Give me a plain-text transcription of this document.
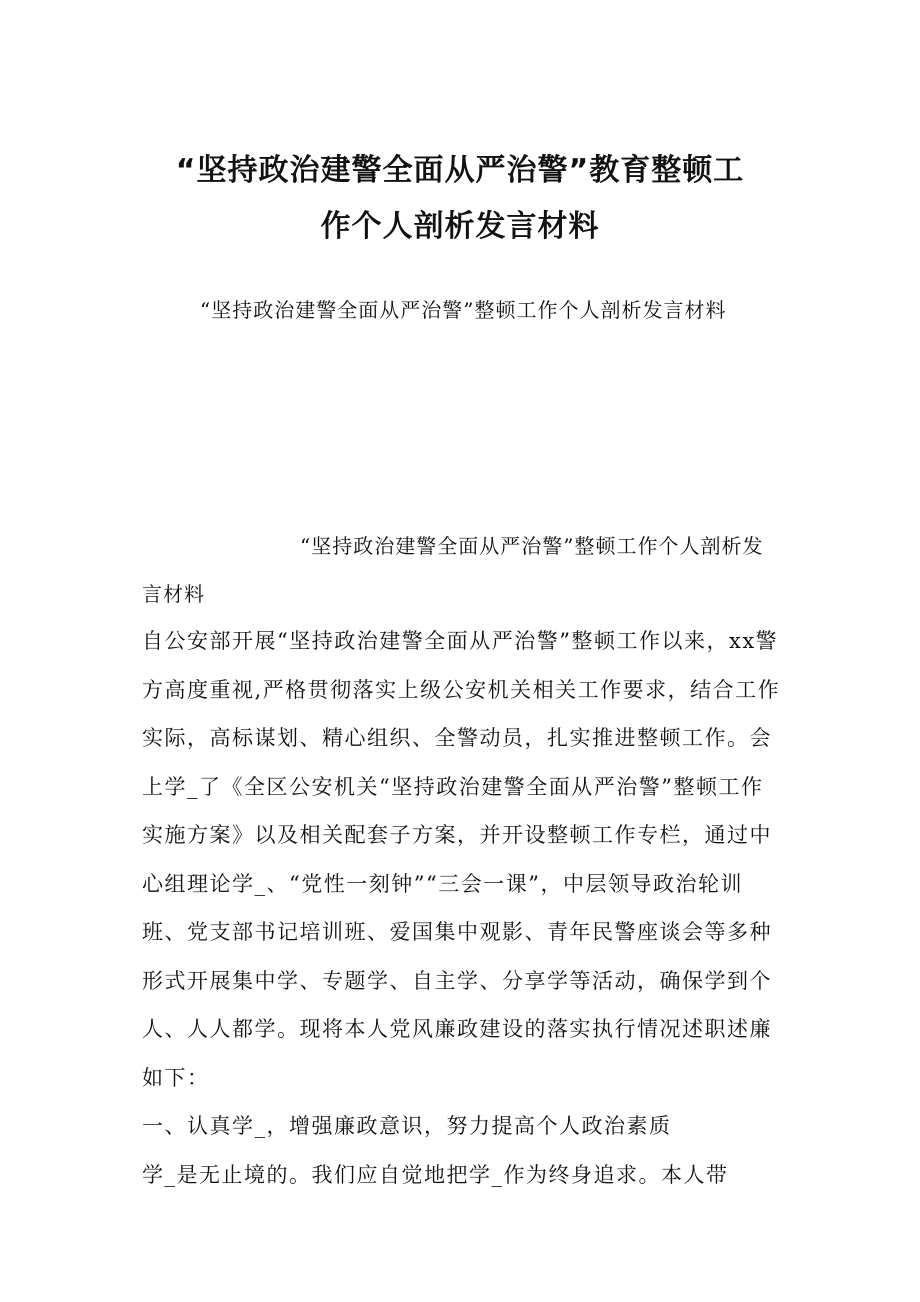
“坚持政治建警全面从严治警”教育整顿工
作个人剖析发言材料

“坚持政治建警全面从严治警”整顿工作个人剖析发言材料

“坚持政治建警全面从严治警”整顿工作个人剖析发言材料

自公安部开展“坚持政治建警全面从严治警”整顿工作以来，xx警方高度重视,严格贯彻落实上级公安机关相关工作要求，结合工作实际，高标谋划、精心组织、全警动员，扎实推进整顿工作。会上学_了《全区公安机关“坚持政治建警全面从严治警”整顿工作实施方案》以及相关配套子方案，并开设整顿工作专栏，通过中心组理论学_、“党性一刻钟”“三会一课”，中层领导政治轮训班、党支部书记培训班、爱国集中观影、青年民警座谈会等多种形式开展集中学、专题学、自主学、分享学等活动，确保学到个人、人人都学。现将本人党风廉政建设的落实执行情况述职述廉如下：

一、认真学_，增强廉政意识，努力提高个人政治素质

学_是无止境的。我们应自觉地把学_作为终身追求。本人带
